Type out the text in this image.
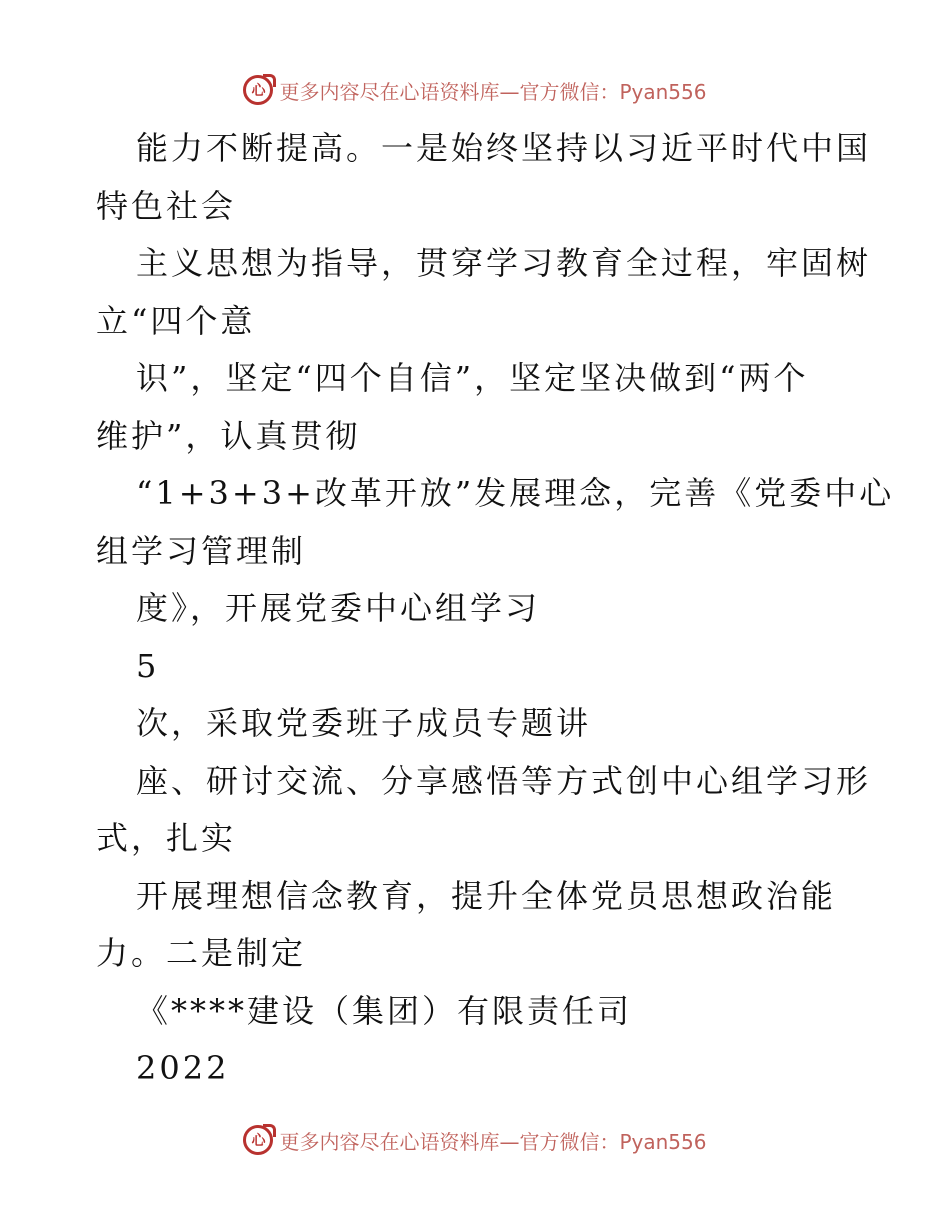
心 更多内容尽在心语资料库—官方微信：Pyan556
能力不断提高。一是始终坚持以习近平时代中国
特色社会
主义思想为指导，贯穿学习教育全过程，牢固树
立“四个意
识”，坚定“四个自信”，坚定坚决做到“两个
维护”，认真贯彻
“1+3+3+改革开放”发展理念，完善《党委中心
组学习管理制
度》，开展党委中心组学习
5
次，采取党委班子成员专题讲
座、研讨交流、分享感悟等方式创中心组学习形
式，扎实
开展理想信念教育，提升全体党员思想政治能
力。二是制定
《****建设（集团）有限责任司
2022
心 更多内容尽在心语资料库—官方微信：Pyan556
